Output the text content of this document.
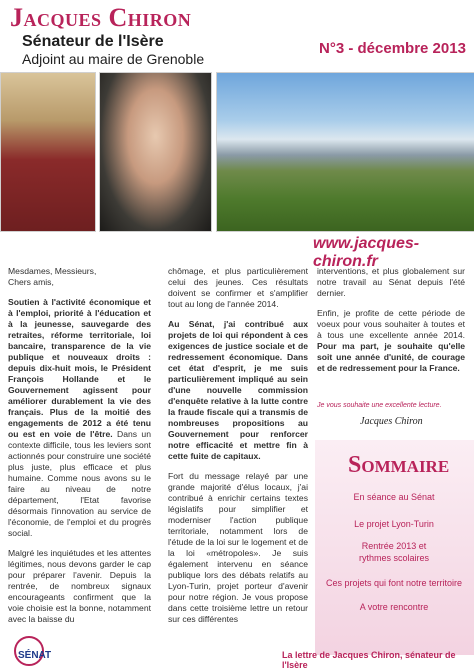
Jacques Chiron
Sénateur de l'Isère
Adjoint au maire de Grenoble
N°3 - décembre 2013
www.jacques-chiron.fr

Mesdames, Messieurs,
Chers amis,

Soutien à l'activité économique et à l'emploi, priorité à l'éducation et à la jeunesse, sauvegarde des retraites, réforme territoriale, loi bancaire, transparence de la vie publique et nouveaux droits : depuis dix-huit mois, le Président François Hollande et le Gouvernement agissent pour améliorer durablement la vie des français. Plus de la moitié des engagements de 2012 a été tenu ou est en voie de l'être. Dans un contexte difficile, tous les leviers sont actionnés pour construire une société plus juste, plus efficace et plus humaine. Comme nous avons su le faire au niveau de notre département, l'Etat favorise désormais l'innovation au service de l'économie, de l'emploi et du progrès social.

Malgré les inquiétudes et les attentes légitimes, nous devons garder le cap pour préparer l'avenir. Depuis la rentrée, de nombreux signaux encourageants confirment que la voie choisie est la bonne, notamment avec la baisse du

chômage, et plus particulièrement celui des jeunes. Ces résultats doivent se confirmer et s'amplifier tout au long de l'année 2014.

Au Sénat, j'ai contribué aux projets de loi qui répondent à ces exigences de justice sociale et de redressement économique. Dans cet état d'esprit, je me suis particulièrement impliqué au sein d'une nouvelle commission d'enquête relative à la lutte contre la fraude fiscale qui a transmis de nombreuses propositions au Gouvernement pour renforcer notre efficacité et mettre fin à cette fuite de capitaux.

Fort du message relayé par une grande majorité d'élus locaux, j'ai contribué à enrichir certains textes législatifs pour simplifier et moderniser l'action publique territoriale, notamment lors de l'étude de la loi sur le logement et de la loi «métropoles». Je suis également intervenu en séance publique lors des débats relatifs au Lyon-Turin, projet porteur d'avenir pour notre région. Je vous propose dans cette troisième lettre un retour sur ces différentes

interventions, et plus globalement sur notre travail au Sénat depuis l'été dernier.

Enfin, je profite de cette période de voeux pour vous souhaiter à toutes et à tous une excellente année 2014. Pour ma part, je souhaite qu'elle soit une année d'unité, de courage et de redressement pour la France.

Je vous souhaite une excellente lecture.
Jacques Chiron
Sommaire
En séance au Sénat
Le projet Lyon-Turin
Rentrée 2013 et
rythmes scolaires
Ces projets qui font notre territoire
A votre rencontre
SÉNAT	La lettre de Jacques Chiron, sénateur de l'Isère
